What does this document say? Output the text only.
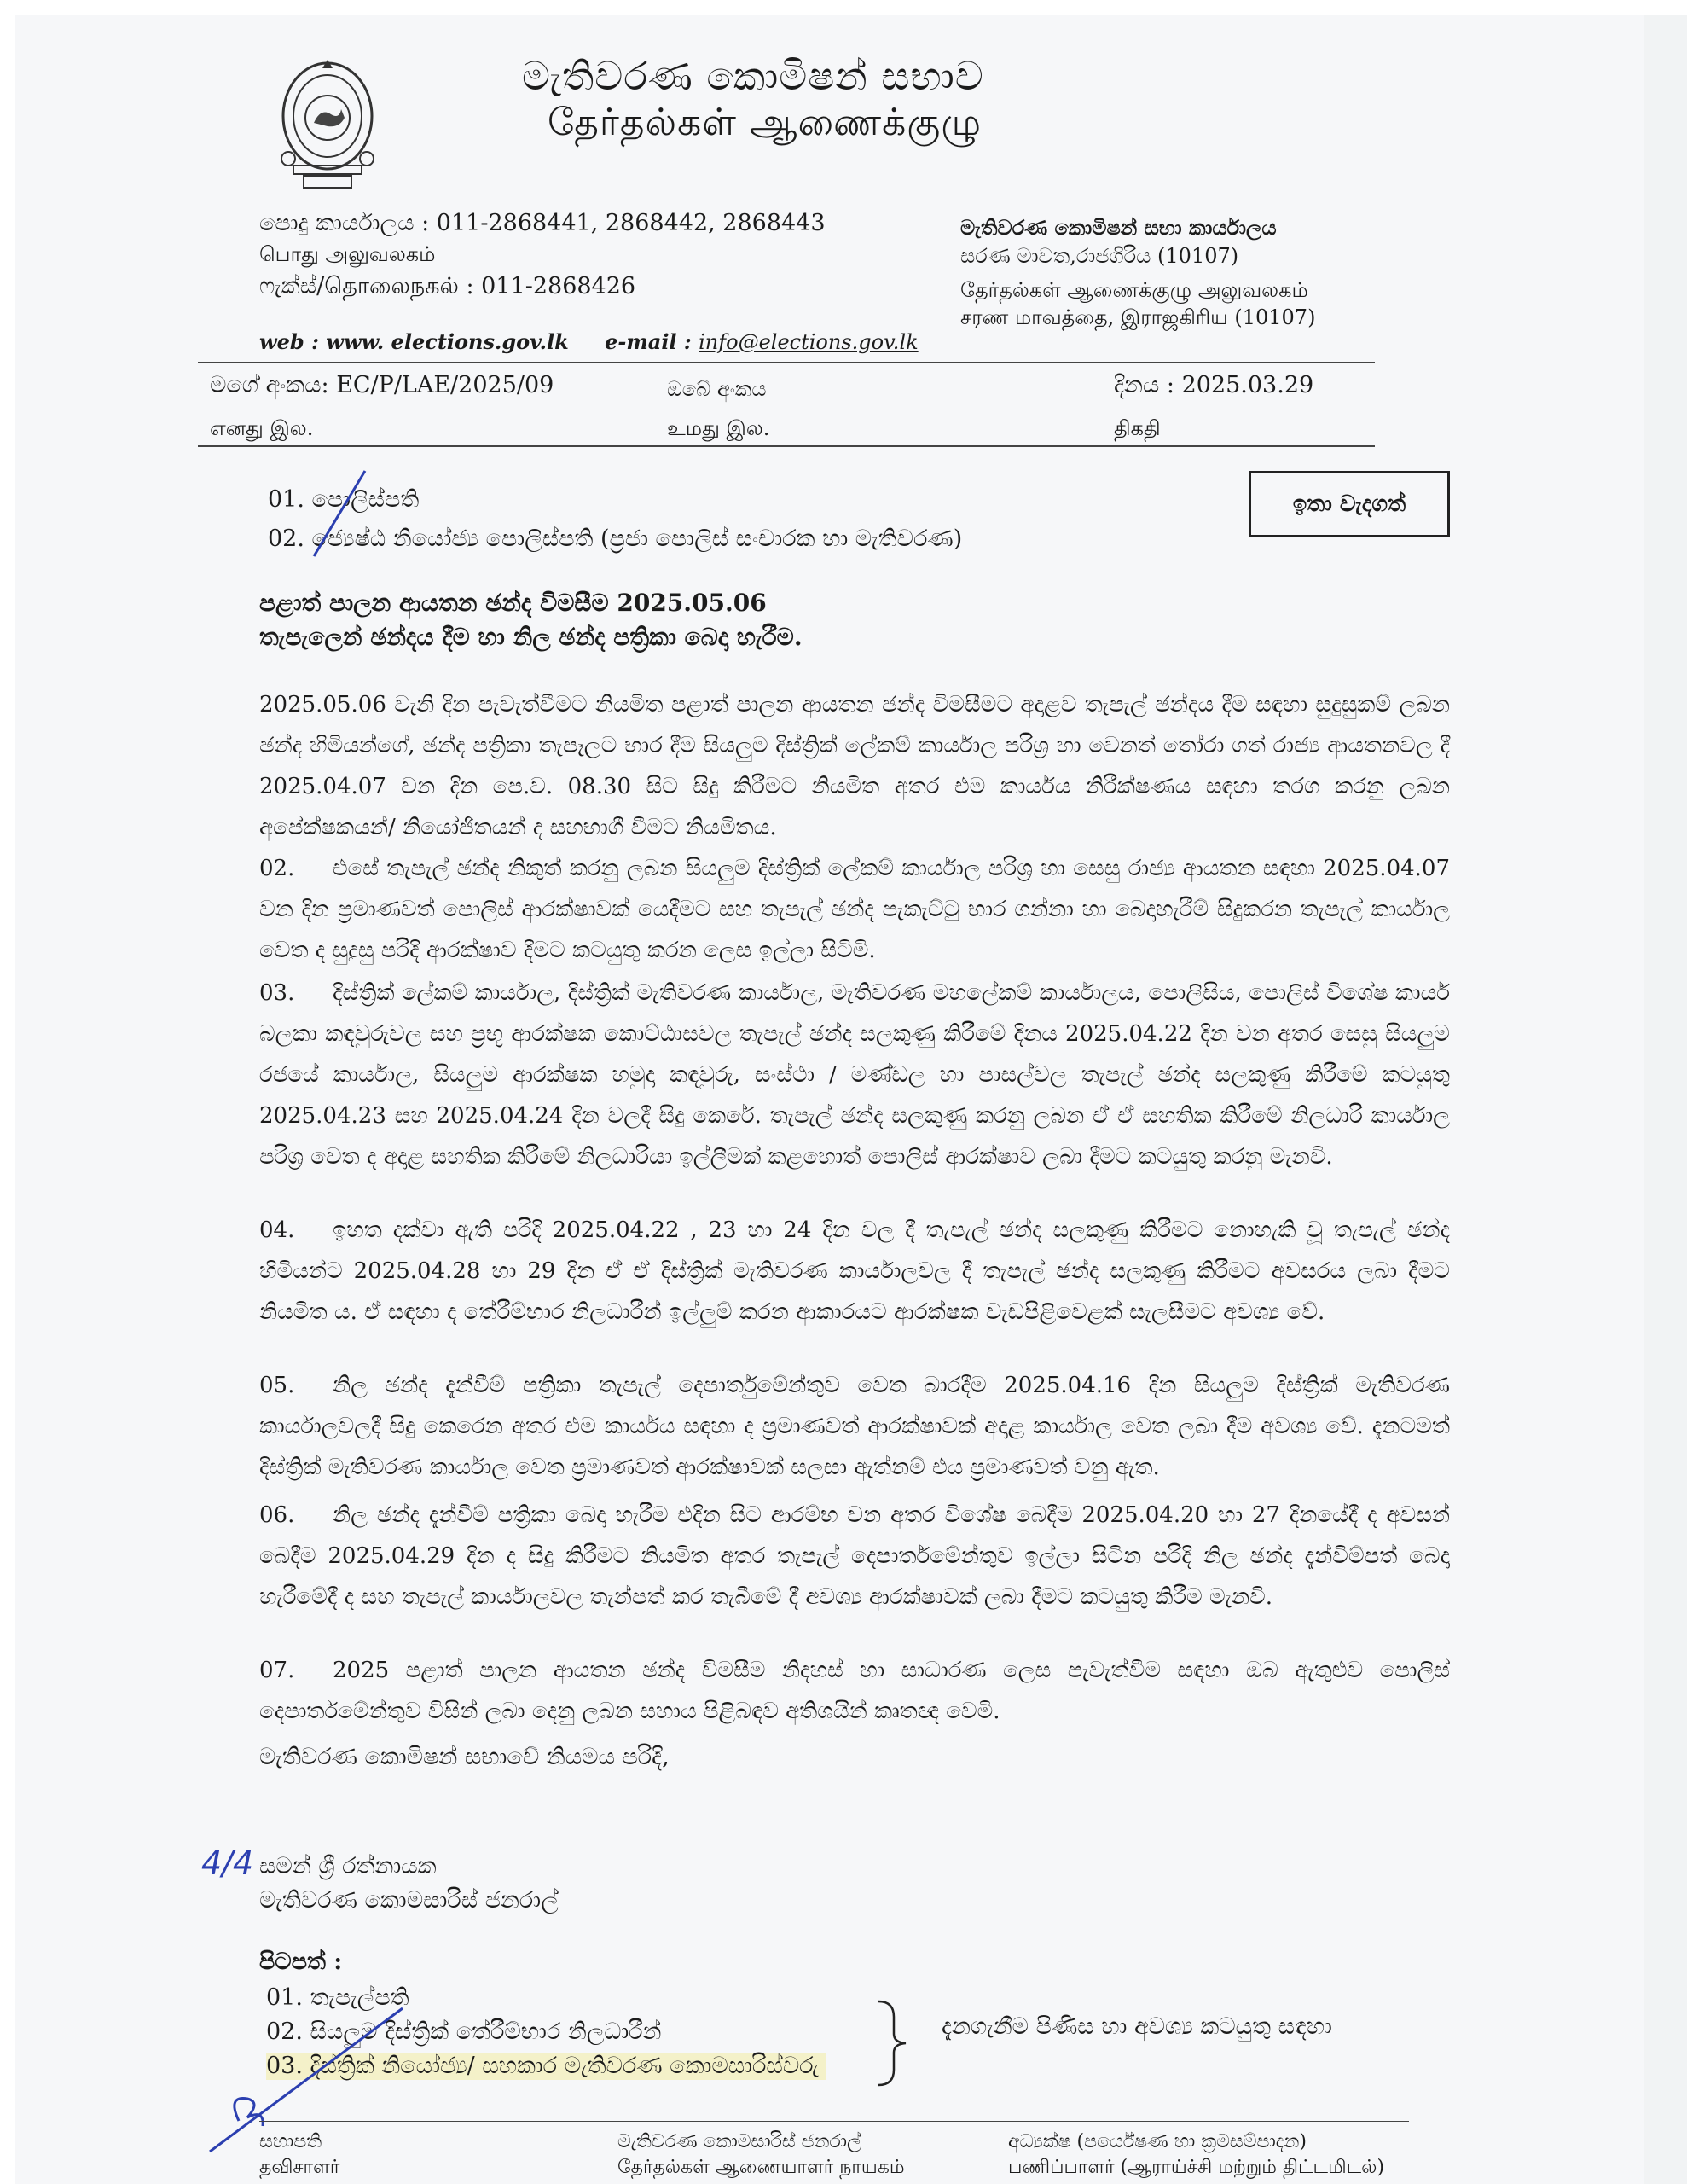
මැතිවරණ කොමිෂන් සභාව
தேர்தல்கள் ஆணைக்குழு
පොදු කාර්යාලය : 011-2868441, 2868442, 2868443
பொது அலுவலகம்
ෆැක්ස්/தொலைநகல் : 011-2868426
web : www. elections.gov.lk e-mail : info@elections.gov.lk
මැතිවරණ කොමිෂන් සභා කාර්යාලය
සරණ මාවත,රාජගිරිය (10107)
தேர்தல்கள் ஆணைக்குழு அலுவலகம்
சரண மாவத்தை, இராஜகிரிய (10107)
මගේ අංකය: EC/P/LAE/2025/09
எனது இல.
ඔබේ අංකය
உமது இல.
දිනය : 2025.03.29
திகதி
ඉතා වැදගත්
01. පොලිස්පති
02. ජ්‍යෙෂ්ඨ නියෝජ්‍ය පොලිස්පති (ප්‍රජා පොලිස් සංචාරක හා මැතිවරණ)
පළාත් පාලන ආයතන ඡන්ද විමසීම 2025.05.06
තැපැලෙන් ඡන්දය දීම හා නිල ඡන්ද පත්‍රිකා බෙදා හැරීම.
2025.05.06 වැනි දින පැවැත්වීමට නියමිත පළාත් පාලන ආයතන ඡන්ද විමසීමට අදාළව තැපැල් ඡන්දය දීම සඳහා සුදුසුකම් ලබන ඡන්ද හිමියන්ගේ, ඡන්ද පත්‍රිකා තැපෑලට භාර දීම සියලුම දිස්ත්‍රික් ලේකම් කාර්යාල පරිශ්‍ර හා වෙනත් තෝරා ගත් රාජ්‍ය ආයතනවල දී 2025.04.07 වන දින පෙ.ව. 08.30 සිට සිදු කිරීමට නියමිත අතර එම කාර්යය නිරීක්ෂණය සඳහා තරග කරනු ලබන අපේක්ෂකයන්/ නියෝජිතයන් ද සහභාගී වීමට නියමිතය.
02. එසේ තැපැල් ඡන්ද නිකුත් කරනු ලබන සියලුම දිස්ත්‍රික් ලේකම් කාර්යාල පරිශ්‍ර හා සෙසු රාජ්‍ය ආයතන සඳහා 2025.04.07 වන දින ප්‍රමාණවත් පොලිස් ආරක්ෂාවක් යෙදීමට සහ තැපැල් ඡන්ද පැකැට්ටු භාර ගන්නා හා බෙදාහැරීම් සිදුකරන තැපැල් කාර්යාල වෙත ද සුදුසු පරිදි ආරක්ෂාව දීමට කටයුතු කරන ලෙස ඉල්ලා සිටිමි.
03. දිස්ත්‍රික් ලේකම් කාර්යාල, දිස්ත්‍රික් මැතිවරණ කාර්යාල, මැතිවරණ මහලේකම් කාර්යාලය, පොලිසිය, පොලිස් විශේෂ කාර්ය බලකා කඳවුරුවල සහ ප්‍රභූ ආරක්ෂක කොට්ඨාසවල තැපැල් ඡන්ද සලකුණු කිරීමේ දිනය 2025.04.22 දින වන අතර සෙසු සියලුම රජයේ කාර්යාල, සියලුම ආරක්ෂක හමුදා කඳවුරු, සංස්ථා / මණ්ඩල හා පාසල්වල තැපැල් ඡන්ද සලකුණු කිරීමේ කටයුතු 2025.04.23 සහ 2025.04.24 දින වලදී සිදු කෙරේ. තැපැල් ඡන්ද සලකුණු කරනු ලබන ඒ ඒ සහතික කිරීමේ නිලධාරි කාර්යාල පරිශ්‍ර වෙත ද අදාළ සහතික කිරීමේ නිලධාරියා ඉල්ලීමක් කළහොත් පොලිස් ආරක්ෂාව ලබා දීමට කටයුතු කරනු මැනවි.
04. ඉහත දක්වා ඇති පරිදි 2025.04.22 , 23 හා 24 දින වල දී තැපැල් ඡන්ද සලකුණු කිරීමට නොහැකි වූ තැපැල් ඡන්ද හිමියන්ට 2025.04.28 හා 29 දින ඒ ඒ දිස්ත්‍රික් මැතිවරණ කාර්යාලවල දී තැපැල් ඡන්ද සලකුණු කිරීමට අවසරය ලබා දීමට නියමිත ය. ඒ සඳහා ද තේරීම්භාර නිලධාරීන් ඉල්ලුම් කරන ආකාරයට ආරක්ෂක වැඩපිළිවෙළක් සැලසීමට අවශ්‍ය වේ.
05. නිල ඡන්ද දැන්වීම් පත්‍රිකා තැපැල් දෙපාර්තුමේන්තුව වෙත බාරදීම 2025.04.16 දින සියලුම දිස්ත්‍රික් මැතිවරණ කාර්යාලවලදී සිදු කෙරෙන අතර එම කාර්යය සඳහා ද ප්‍රමාණවත් ආරක්ෂාවක් අදාළ කාර්යාල වෙත ලබා දීම අවශ්‍ය වේ. දැනටමත් දිස්ත්‍රික් මැතිවරණ කාර්යාල වෙත ප්‍රමාණවත් ආරක්ෂාවක් සලසා ඇත්නම් එය ප්‍රමාණවත් වනු ඇත.
06. නිල ඡන්ද දැන්වීම් පත්‍රිකා බෙදා හැරීම එදින සිට ආරම්භ වන අතර විශේෂ බෙදීම 2025.04.20 හා 27 දිනයේදී ද අවසන් බෙදීම 2025.04.29 දින ද සිදු කිරීමට නියමිත අතර තැපැල් දෙපාර්තමේන්තුව ඉල්ලා සිටින පරිදි නිල ඡන්ද දැන්වීම්පත් බෙදා හැරීමේදී ද සහ තැපැල් කාර්යාලවල තැන්පත් කර තැබීමේ දී අවශ්‍ය ආරක්ෂාවක් ලබා දීමට කටයුතු කිරීම මැනවි.
07. 2025 පළාත් පාලන ආයතන ඡන්ද විමසීම නිදහස් හා සාධාරණ ලෙස පැවැත්වීම සඳහා ඔබ ඇතුළුව පොලිස් දෙපාර්තමේන්තුව විසින් ලබා දෙනු ලබන සහාය පිළිබඳව අතිශයින් කෘතඥ වෙමි.
මැතිවරණ කොමිෂන් සභාවේ නියමය පරිදි,
4/4 සමන් ශ්‍රී රත්නායක
මැතිවරණ කොමසාරිස් ජනරාල්
පිටපත් :
01. තැපැල්පති
02. සියලුම දිස්ත්‍රික් තේරීම්භාර නිලධාරීන්
03. දිස්ත්‍රික් නියෝජ්‍ය/ සහකාර මැතිවරණ කොමසාරිස්වරු
දැනගැනීම පිණිස හා අවශ්‍ය කටයුතු සඳහා
සභාපති
தவிசாளர்
මැතිවරණ කොමසාරිස් ජනරාල්
தேர்தல்கள் ஆணையாளர் நாயகம்
අධ්‍යක්ෂ (පර්යේෂණ හා ක්‍රමසම්පාදන)
பணிப்பாளர் (ஆராய்ச்சி மற்றும் திட்டமிடல்)
